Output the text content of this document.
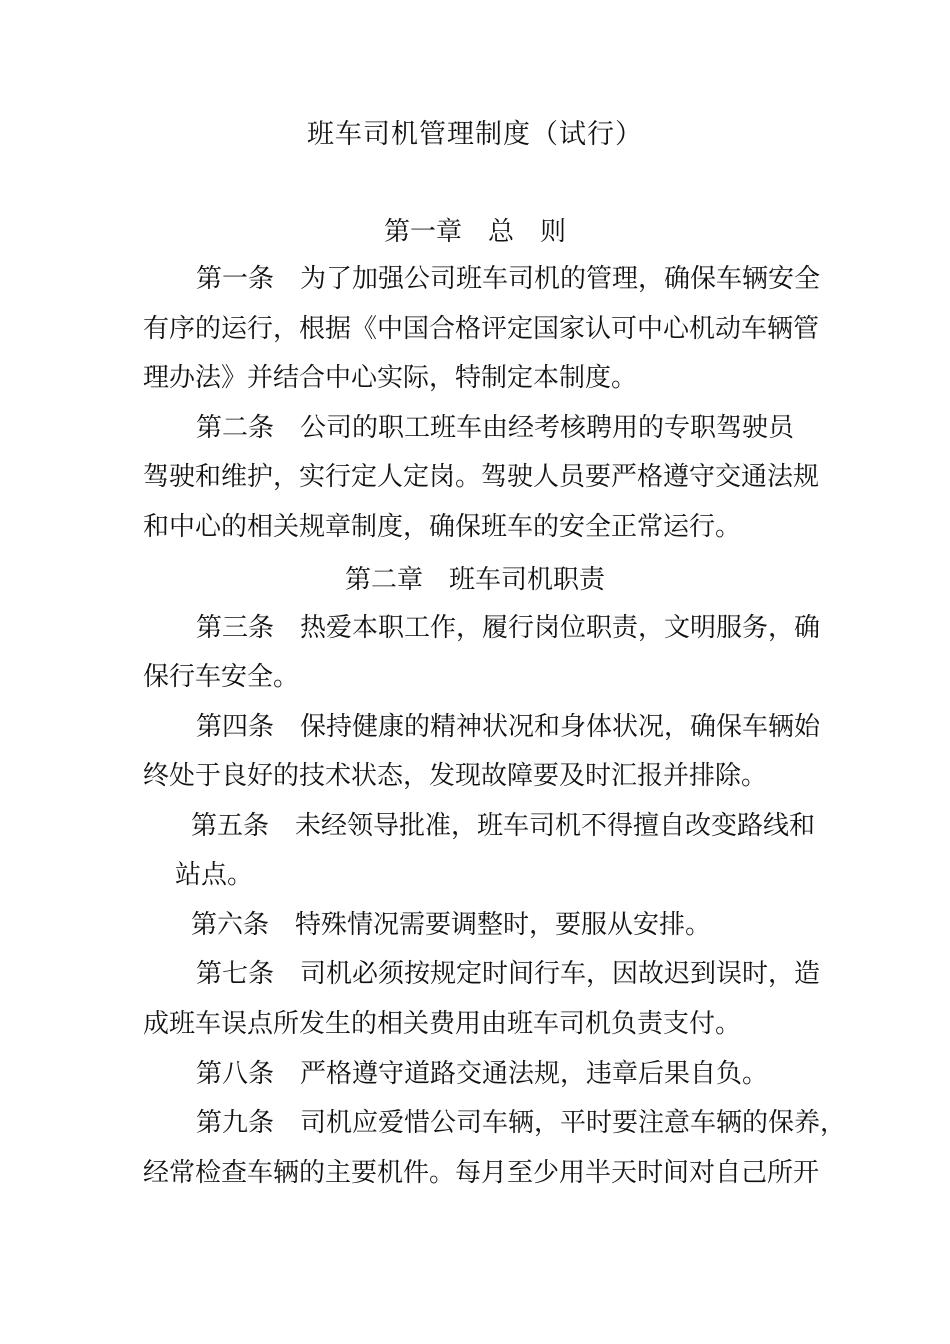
班车司机管理制度（试行）
第一章　总　则
第一条　为了加强公司班车司机的管理，确保车辆安全
有序的运行，根据《中国合格评定国家认可中心机动车辆管
理办法》并结合中心实际，特制定本制度。
第二条　公司的职工班车由经考核聘用的专职驾驶员
驾驶和维护，实行定人定岗。驾驶人员要严格遵守交通法规
和中心的相关规章制度，确保班车的安全正常运行。
第二章　班车司机职责
第三条　热爱本职工作，履行岗位职责，文明服务，确
保行车安全。
第四条　保持健康的精神状况和身体状况，确保车辆始
终处于良好的技术状态，发现故障要及时汇报并排除。
第五条　未经领导批准，班车司机不得擅自改变路线和
站点。
第六条　特殊情况需要调整时，要服从安排。
第七条　司机必须按规定时间行车，因故迟到误时，造
成班车误点所发生的相关费用由班车司机负责支付。
第八条　严格遵守道路交通法规，违章后果自负。
第九条　司机应爱惜公司车辆，平时要注意车辆的保养，
经常检查车辆的主要机件。每月至少用半天时间对自己所开
